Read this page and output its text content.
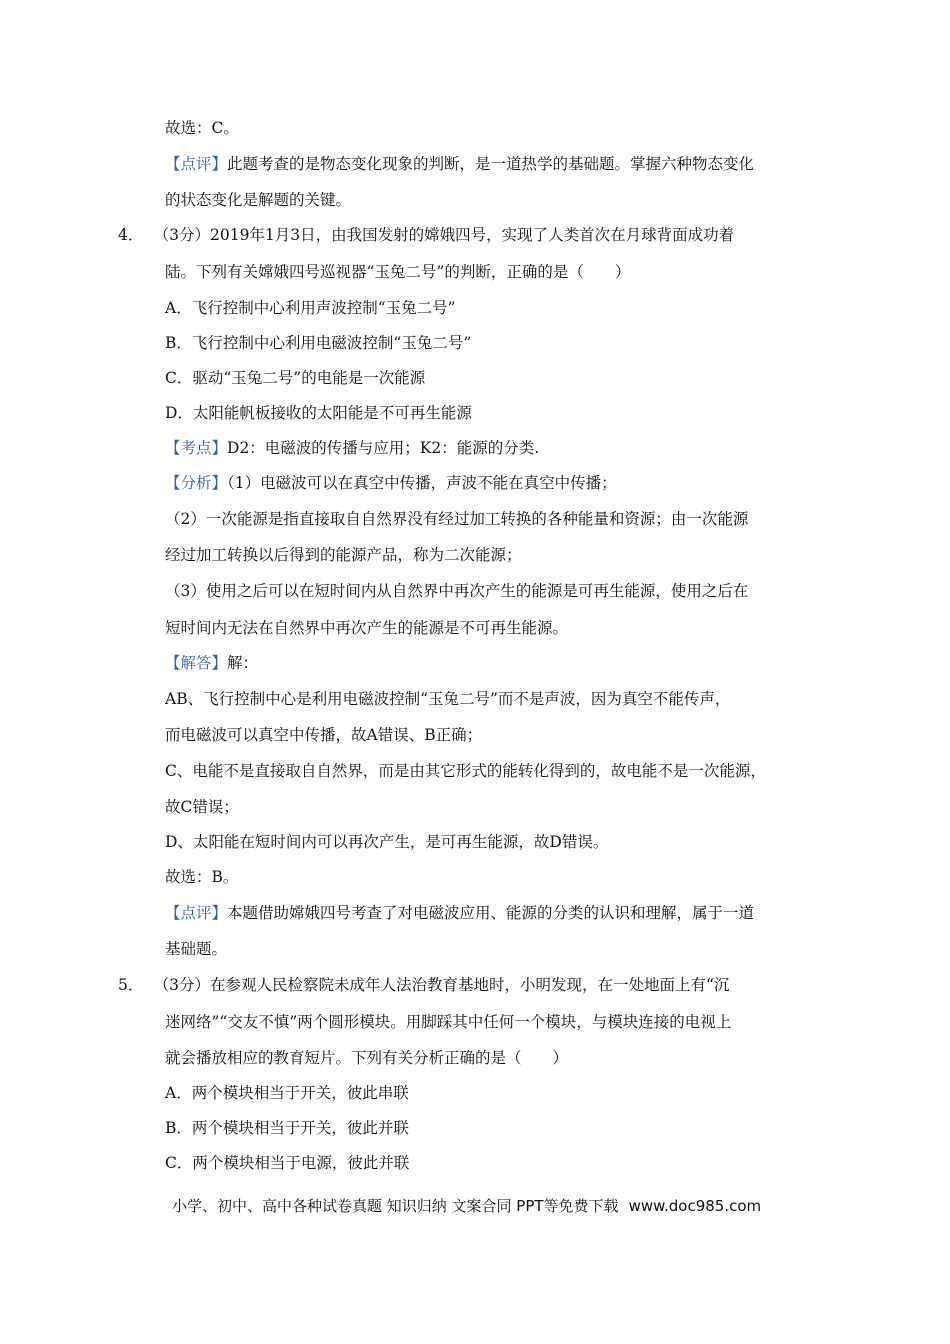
故选：C。
【点评】此题考查的是物态变化现象的判断，是一道热学的基础题。掌握六种物态变化
的状态变化是解题的关键。
4． （3分）2019年1月3日，由我国发射的嫦娥四号，实现了人类首次在月球背面成功着
陆。下列有关嫦娥四号巡视器“玉兔二号”的判断，正确的是（　　）
A．飞行控制中心利用声波控制“玉兔二号”
B．飞行控制中心利用电磁波控制“玉兔二号”
C．驱动“玉兔二号”的电能是一次能源
D．太阳能帆板接收的太阳能是不可再生能源
【考点】D2：电磁波的传播与应用；K2：能源的分类.
【分析】（1）电磁波可以在真空中传播，声波不能在真空中传播；
（2）一次能源是指直接取自自然界没有经过加工转换的各种能量和资源；由一次能源
经过加工转换以后得到的能源产品，称为二次能源；
（3）使用之后可以在短时间内从自然界中再次产生的能源是可再生能源，使用之后在
短时间内无法在自然界中再次产生的能源是不可再生能源。
【解答】解：
AB、飞行控制中心是利用电磁波控制“玉兔二号”而不是声波，因为真空不能传声，
而电磁波可以真空中传播，故A错误、B正确；
C、电能不是直接取自自然界，而是由其它形式的能转化得到的，故电能不是一次能源，
故C错误；
D、太阳能在短时间内可以再次产生，是可再生能源，故D错误。
故选：B。
【点评】本题借助嫦娥四号考查了对电磁波应用、能源的分类的认识和理解，属于一道
基础题。
5． （3分）在参观人民检察院未成年人法治教育基地时，小明发现，在一处地面上有“沉
迷网络”“交友不慎”两个圆形模块。用脚踩其中任何一个模块，与模块连接的电视上
就会播放相应的教育短片。下列有关分析正确的是（　　）
A．两个模块相当于开关，彼此串联
B．两个模块相当于开关，彼此并联
C．两个模块相当于电源，彼此并联
小学、初中、高中各种试卷真题 知识归纳 文案合同 PPT等免费下载 www.doc985.com
